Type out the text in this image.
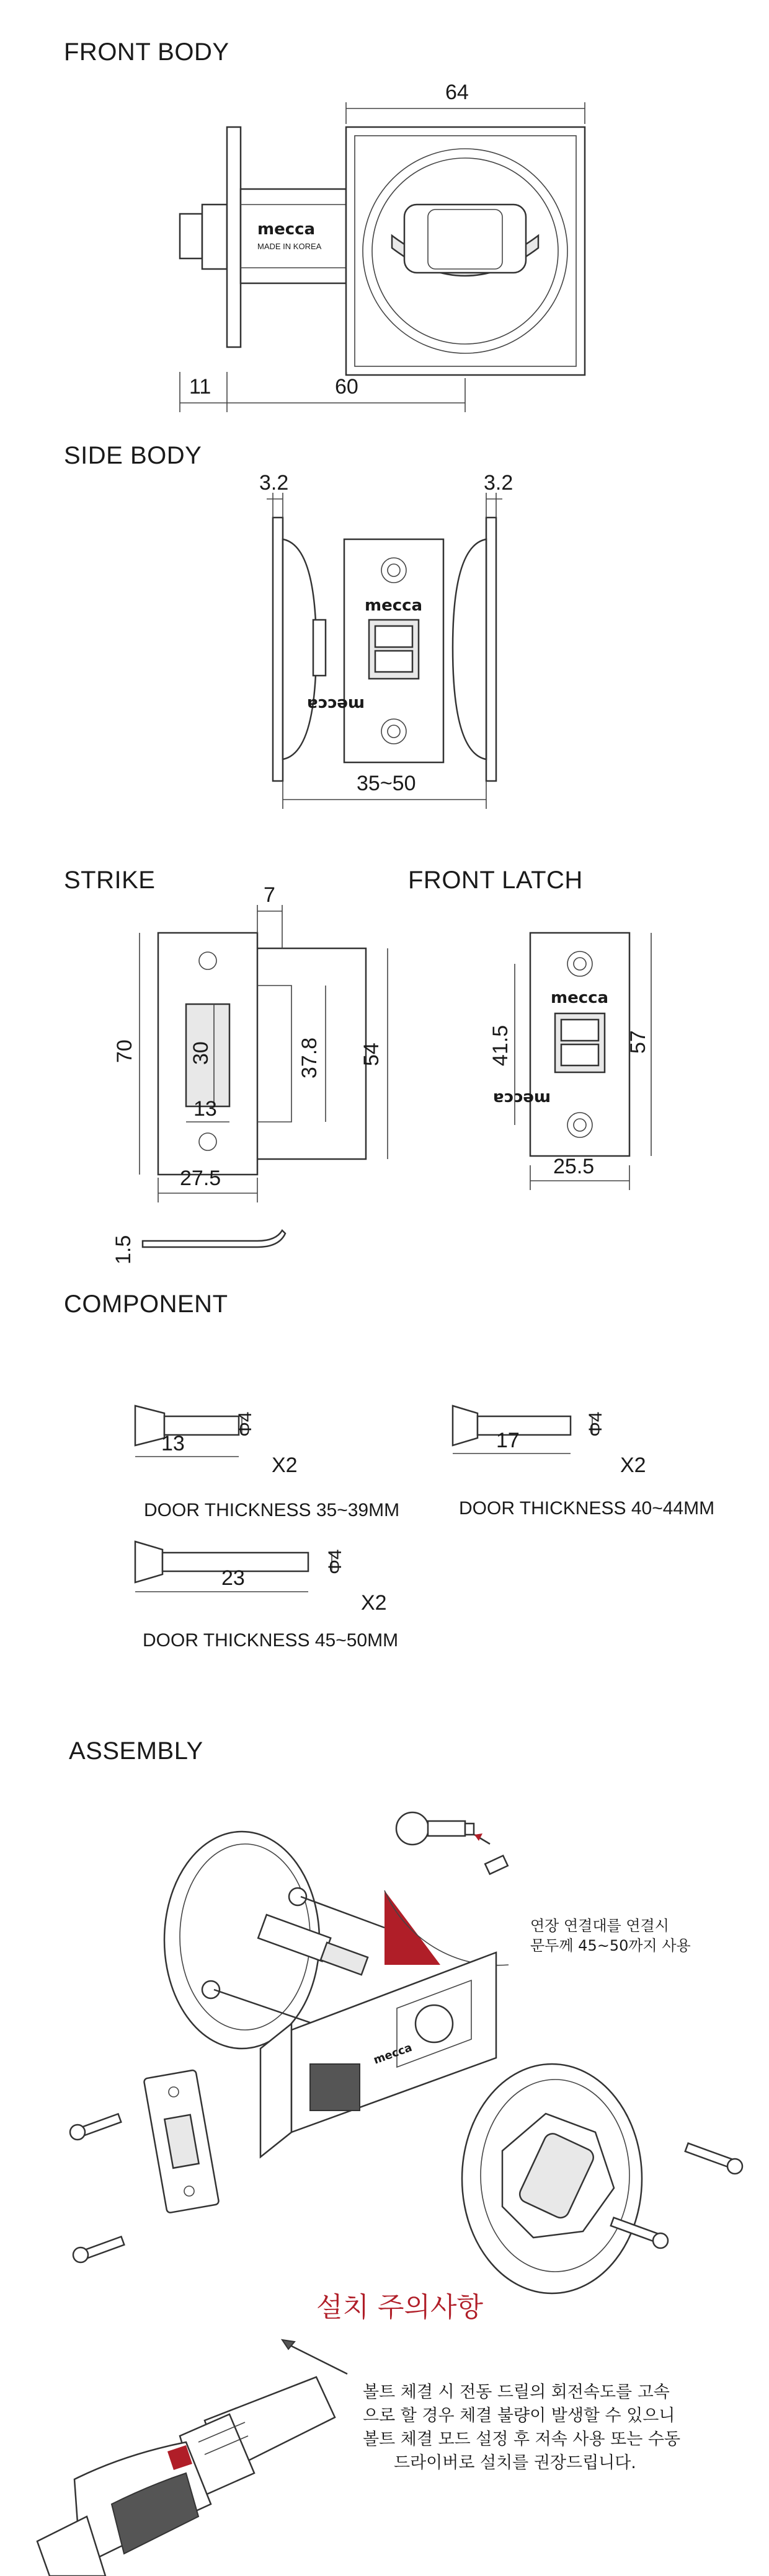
FRONT BODY
mecca
MADE IN KOREA
64
11	60
SIDE BODY
mecca
mecca
3.2	3.2
35~50
STRIKE
7
70	30
13
37.8 54
27.5
1.5
FRONT LATCH
mecca
mecca
41.5	57
25.5
COMPONENT
13
Φ4
X2
DOOR THICKNESS 35~39MM
17
Φ4
X2
DOOR THICKNESS 40~44MM
23
Φ4
X2
DOOR THICKNESS 45~50MM
ASSEMBLY
연장 연결대를 연결시
문두께 45~50까지 사용
mecca
설치 주의사항
볼트 체결 시 전동 드릴의 회전속도를 고속
으로 할 경우 체결 불량이 발생할 수 있으니
볼트 체결 모드 설정 후 저속 사용 또는 수동
드라이버로 설치를 권장드립니다.
